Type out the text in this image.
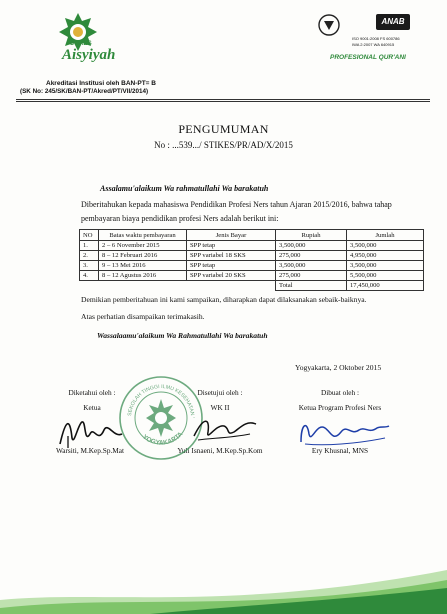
STIKES
Aisyiyah
Akreditasi Institusi oleh BAN-PT= B
(SK No: 245/SK/BAN-PT/Akred/PT/VII/2014)
ANAB
ISO 9001:2008 FS 600786
IWA 2:2007 WA 640915
PROFESIONAL QUR'ANI
PENGUMUMAN
No : ...539.../ STIKES/PR/AD/X/2015
Assalamu'alaikum Wa rahmatullahi Wa barakatuh
Diberitahukan kepada mahasiswa Pendidikan Profesi Ners tahun Ajaran 2015/2016, bahwa tahap
pembayaran biaya pendidikan profesi Ners adalah berikut ini:
NO	Batas waktu pembayaran	Jenis Bayar	Rupiah	Jumlah
1.	2 – 6 November 2015	SPP tetap	3,500,000	3,500,000
2.	8 – 12 Februari 2016	SPP variabel 18 SKS	275,000	4,950,000
3.	9 – 13 Mei 2016	SPP tetap	3,500,000	3,500,000
4.	8 – 12 Agustus 2016	SPP variabel 20 SKS	275,000	5,500,000
			Total	17,450,000
Demikian pemberitahuan ini kami sampaikan, diharapkan dapat dilaksanakan sebaik-baiknya.
Atas perhatian disampaikan terimakasih.
Wassalaamu'alaikum Wa Rahmatullahi Wa barakatuh
Yogyakarta, 2 Oktober 2015
Diketahui oleh :
Ketua
Warsiti, M.Kep.Sp.Mat
Disetujui oleh :
WK II
Yuli Isnaeni, M.Kep.Sp.Kom
Dibuat oleh :
Ketua Program Profesi Ners
Ery Khusnal, MNS
SEKOLAH TINGGI ILMU KESEHATAN '
YOGYAKARTA
